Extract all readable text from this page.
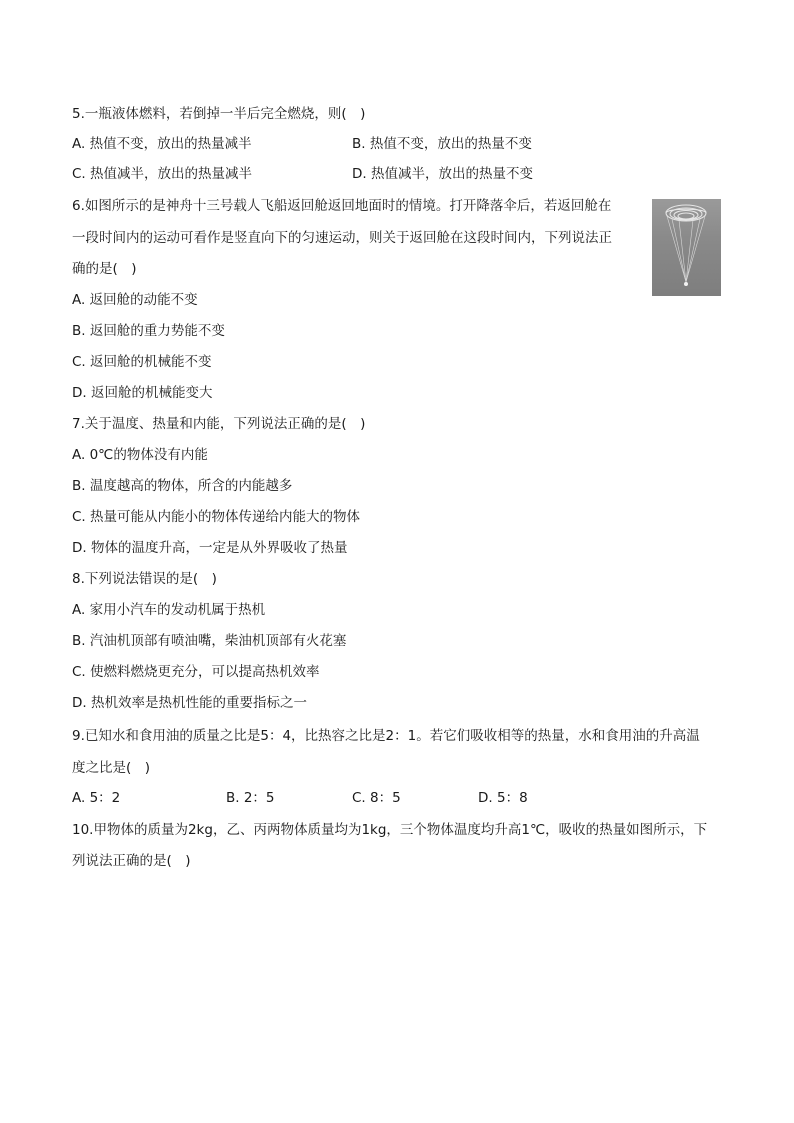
5.一瓶液体燃料，若倒掉一半后完全燃烧，则(　)
A. 热值不变，放出的热量减半	B. 热值不变，放出的热量不变
C. 热值减半，放出的热量减半	D. 热值减半，放出的热量不变
6.如图所示的是神舟十三号载人飞船返回舱返回地面时的情境。打开降落伞后，若返回舱在
一段时间内的运动可看作是竖直向下的匀速运动，则关于返回舱在这段时间内，下列说法正
确的是(　)
A. 返回舱的动能不变
B. 返回舱的重力势能不变
C. 返回舱的机械能不变
D. 返回舱的机械能变大
7.关于温度、热量和内能，下列说法正确的是(　)
A. 0℃的物体没有内能
B. 温度越高的物体，所含的内能越多
C. 热量可能从内能小的物体传递给内能大的物体
D. 物体的温度升高，一定是从外界吸收了热量
8.下列说法错误的是(　)
A. 家用小汽车的发动机属于热机
B. 汽油机顶部有喷油嘴，柴油机顶部有火花塞
C. 使燃料燃烧更充分，可以提高热机效率
D. 热机效率是热机性能的重要指标之一
9.已知水和食用油的质量之比是5：4，比热容之比是2：1。若它们吸收相等的热量，水和食用油的升高温
度之比是(　)
A. 5：2	B. 2：5	C. 8：5	D. 5：8
10.甲物体的质量为2kg，乙、丙两物体质量均为1kg，三个物体温度均升高1℃，吸收的热量如图所示，下
列说法正确的是(　)
